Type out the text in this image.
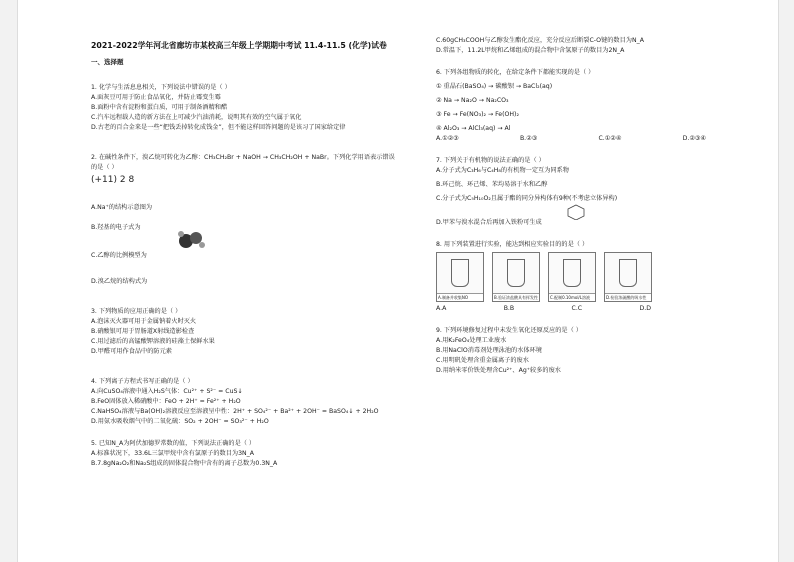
2021-2022学年河北省廊坊市某校高三年级上学期期中考试 11.4-11.5 (化学)试卷
一、选择题
1. 化学与生活息息相关，下列说法中错误的是（ ）
A.面灰豆可用于防止食品氧化，并防止霉变生霉
B.面粉中含有淀粉和蛋白质，可用于制备酒精和醋
C.汽车远程载人造的新方法在上可减少汽油消耗，说明其有效的空气属于氧化
D.古老的百合金来是一些“把钱丢掉转化成钱金”，但不能这样回答问题的是该习了国家给定律
2. 在碱性条件下，溴乙烷可转化为乙醇：CH₃CH₂Br + NaOH → CH₃CH₂OH + NaBr。下列化学用语表示错误
的是（ ）
(+11) 2 8
A.Na⁺的结构示意图为
B.羟基的电子式为
C.乙醇的比例模型为
D.溴乙烷的结构式为
3. 下列物质的应用正确的是（ ）
A.泡沫灭火器可用于金属钠着火时灭火
B.硝酸银可用于胃肠道X射线造影检查
C.用过滤后的高锰酸钾溶液的硅藻土保鲜水果
D.甲醛可用作食品中的防元素
4. 下列离子方程式书写正确的是（ ）
A.向CuSO₄溶液中通入H₂S气体：Cu²⁺ + S²⁻ = CuS↓
B.FeO固体放入稀硝酸中：FeO + 2H⁺ = Fe²⁺ + H₂O
C.NaHSO₄溶液与Ba(OH)₂溶液反应至溶液呈中性：2H⁺ + SO₄²⁻ + Ba²⁺ + 2OH⁻ = BaSO₄↓ + 2H₂O
D.用氨水吸收烟气中的二氧化硫：SO₂ + 2OH⁻ = SO₃²⁻ + H₂O
5. 已知N_A为阿伏加德罗常数的值，下列说法正确的是（ ）
A.标准状况下，33.6L三氯甲烷中含有氯原子的数目为3N_A
B.7.8gNa₂O₂和Na₂S组成的固体混合物中含有的离子总数为0.3N_A
C.60gCH₃COOH与乙醇发生酯化反应，充分反应后断裂C-O键的数目为N_A
D.常温下，11.2L甲烷和乙烯组成的混合物中含氢原子的数目为2N_A
6. 下列各组物质的转化，在给定条件下都能实现的是（ ）
① 重晶石(BaSO₄) → 碳酸钡 → BaCl₂(aq)
② Na → Na₂O → Na₂CO₃
③ Fe → Fe(NO₃)₂ → Fe(OH)₂
④ Al₂O₃ → AlCl₃(aq) → Al
A.①②③	B.②③	C.①②④	D.②③④
7. 下列关于有机物的说法正确的是（ ）
A.分子式为C₃H₆与C₄H₈的有机物一定互为同系物
B.环己烷、环己烯、苯均易溶于水和乙醇
C.分子式为C₅H₁₀O₂且属于酯的同分异构体有9种(不考虑立体异构)
D.甲苯与溴水混合后再加入铁粉可生成
8. 用下列装置进行实验，能达到相应实验目的的是（ ）
A.制备并收集NO	B.验证浓盐酸具有挥发性	C.配制0.10mol/L溶液	D.检验浓硫酸的吸水性
A.A	B.B	C.C	D.D
9. 下列环境修复过程中未发生氧化还原反应的是（ ）
A.用K₂FeO₄处理工业废水
B.用NaClO消毒剂处理泳池的水体环境
C.用明矾处理含重金属离子的废水
D.用纳米零价铁处理含Cu²⁺、Ag⁺较多的废水
